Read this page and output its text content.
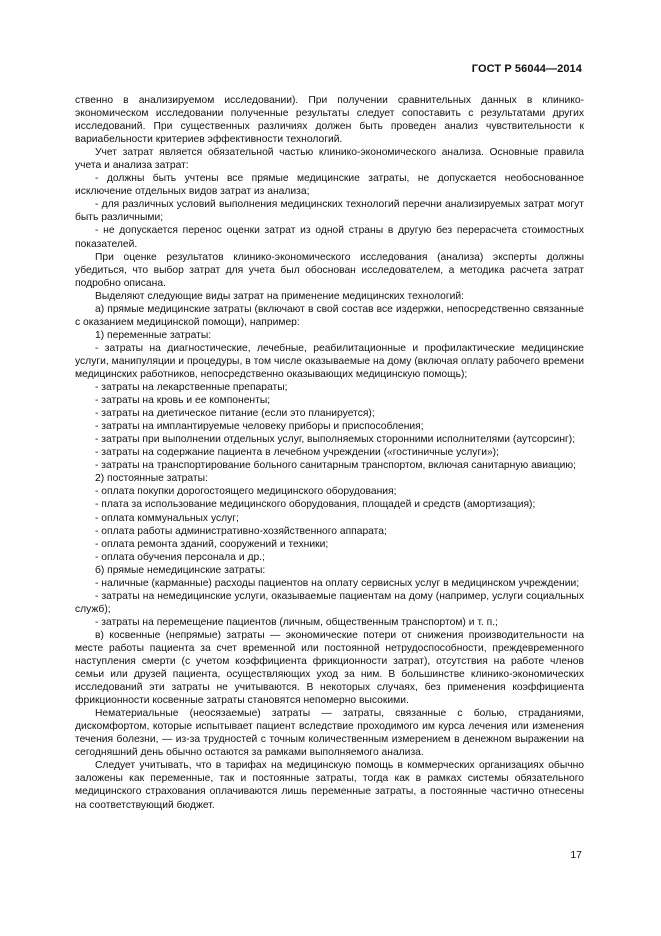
ГОСТ Р 56044—2014

ственно в анализируемом исследовании). При получении сравнительных данных в клинико-экономическом исследовании полученные результаты следует сопоставить с результатами других исследований. При существенных различиях должен быть проведен анализ чувствительности к вариабельности критериев эффективности технологий.

Учет затрат является обязательной частью клинико-экономического анализа. Основные правила учета и анализа затрат:

- должны быть учтены все прямые медицинские затраты, не допускается необоснованное исключение отдельных видов затрат из анализа;

- для различных условий выполнения медицинских технологий перечни анализируемых затрат могут быть различными;

- не допускается перенос оценки затрат из одной страны в другую без перерасчета стоимостных показателей.

При оценке результатов клинико-экономического исследования (анализа) эксперты должны убедиться, что выбор затрат для учета был обоснован исследователем, а методика расчета затрат подробно описана.

Выделяют следующие виды затрат на применение медицинских технологий:

а) прямые медицинские затраты (включают в свой состав все издержки, непосредственно связанные с оказанием медицинской помощи), например:

1) переменные затраты:

- затраты на диагностические, лечебные, реабилитационные и профилактические медицинские услуги, манипуляции и процедуры, в том числе оказываемые на дому (включая оплату рабочего времени медицинских работников, непосредственно оказывающих медицинскую помощь);

- затраты на лекарственные препараты;

- затраты на кровь и ее компоненты;

- затраты на диетическое питание (если это планируется);

- затраты на имплантируемые человеку приборы и приспособления;

- затраты при выполнении отдельных услуг, выполняемых сторонними исполнителями (аутсорсинг);

- затраты на содержание пациента в лечебном учреждении («гостиничные услуги»);

- затраты на транспортирование больного санитарным транспортом, включая санитарную авиацию;

2) постоянные затраты:

- оплата покупки дорогостоящего медицинского оборудования;

- плата за использование медицинского оборудования, площадей и средств (амортизация);

- оплата коммунальных услуг;

- оплата работы административно-хозяйственного аппарата;

- оплата ремонта зданий, сооружений и техники;

- оплата обучения персонала и др.;

б) прямые немедицинские затраты:

- наличные (карманные) расходы пациентов на оплату сервисных услуг в медицинском учреждении;

- затраты на немедицинские услуги, оказываемые пациентам на дому (например, услуги социальных служб);

- затраты на перемещение пациентов (личным, общественным транспортом) и т. п.;

в) косвенные (непрямые) затраты — экономические потери от снижения производительности на месте работы пациента за счет временной или постоянной нетрудоспособности, преждевременного наступления смерти (с учетом коэффициента фрикционности затрат), отсутствия на работе членов семьи или друзей пациента, осуществляющих уход за ним. В большинстве клинико-экономических исследований эти затраты не учитываются. В некоторых случаях, без применения коэффициента фрикционности косвенные затраты становятся непомерно высокими.

Нематериальные (неосязаемые) затраты — затраты, связанные с болью, страданиями, дискомфортом, которые испытывает пациент вследствие проходимого им курса лечения или изменения течения болезни, — из-за трудностей с точным количественным измерением в денежном выражении на сегодняшний день обычно остаются за рамками выполняемого анализа.

Следует учитывать, что в тарифах на медицинскую помощь в коммерческих организациях обычно заложены как переменные, так и постоянные затраты, тогда как в рамках системы обязательного медицинского страхования оплачиваются лишь переменные затраты, а постоянные частично отнесены на соответствующий бюджет.

17
